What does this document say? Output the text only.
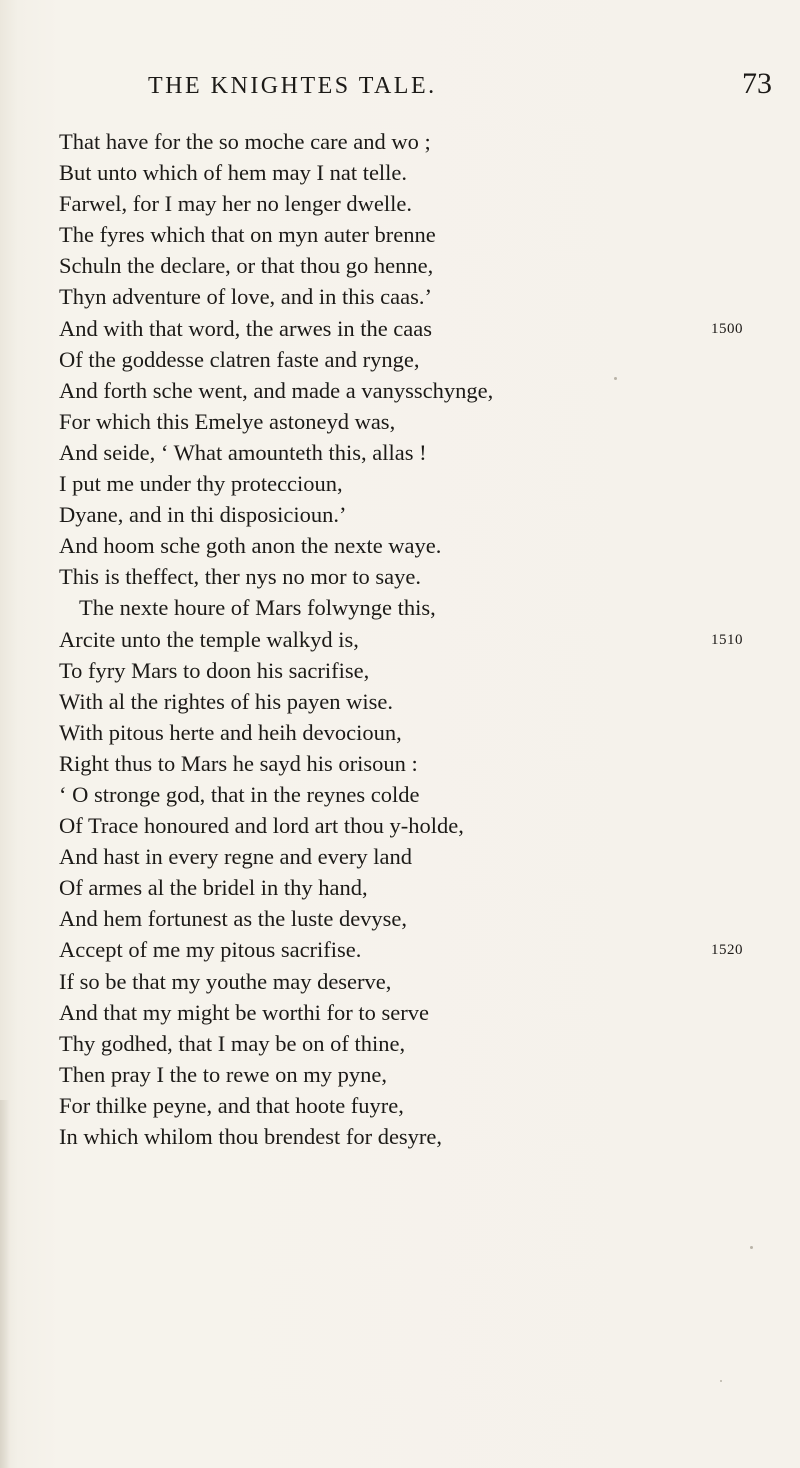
THE KNIGHTES TALE.	73
That have for the so moche care and wo ;
But unto which of hem may I nat telle.
Farwel, for I may her no lenger dwelle.
The fyres which that on myn auter brenne
Schuln the declare, or that thou go henne,
Thyn adventure of love, and in this caas.’
And with that word, the arwes in the caas	1500
Of the goddesse clatren faste and rynge,
And forth sche went, and made a vanysschynge,
For which this Emelye astoneyd was,
And seide, ‘ What amounteth this, allas !
I put me under thy proteccioun,
Dyane, and in thi disposicioun.’
And hoom sche goth anon the nexte waye.
This is theffect, ther nys no mor to saye.
The nexte houre of Mars folwynge this,
Arcite unto the temple walkyd is,	1510
To fyry Mars to doon his sacrifise,
With al the rightes of his payen wise.
With pitous herte and heih devocioun,
Right thus to Mars he sayd his orisoun :
‘ O stronge god, that in the reynes colde
Of Trace honoured and lord art thou y-holde,
And hast in every regne and every land
Of armes al the bridel in thy hand,
And hem fortunest as the luste devyse,
Accept of me my pitous sacrifise.	1520
If so be that my youthe may deserve,
And that my might be worthi for to serve
Thy godhed, that I may be on of thine,
Then pray I the to rewe on my pyne,
For thilke peyne, and that hoote fuyre,
In which whilom thou brendest for desyre,
